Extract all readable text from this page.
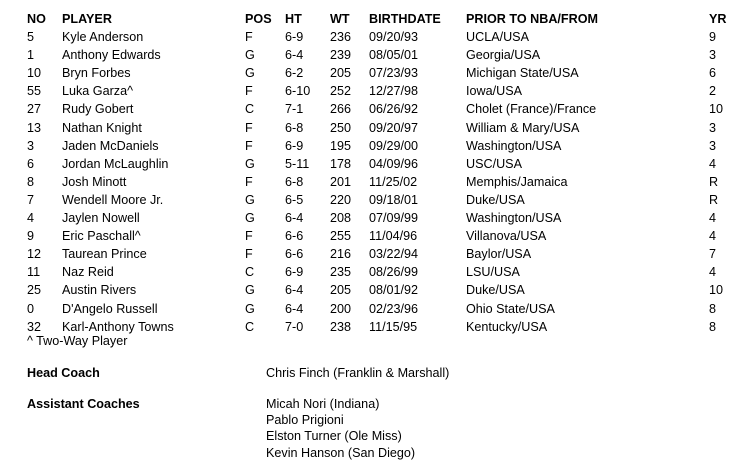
NO PLAYER	POS HT WT BIRTHDATE PRIOR TO NBA/FROM	YR
5 Kyle Anderson	F	6-9 236 09/20/93	UCLA/USA	9
1 Anthony Edwards	G 6-4 239 08/05/01	Georgia/USA	3
10 Bryn Forbes	G 6-2 205 07/23/93	Michigan State/USA	6
55 Luka Garza^	F	6-10 252 12/27/98	Iowa/USA	2
27 Rudy Gobert	C 7-1 266 06/26/92	Cholet (France)/France	10
13 Nathan Knight	F	6-8 250 09/20/97	William & Mary/USA	3
3 Jaden McDaniels	F	6-9 195 09/29/00	Washington/USA	3
6 Jordan McLaughlin	G 5-11 178 04/09/96	USC/USA	4
8 Josh Minott	F	6-8 201 11/25/02	Memphis/Jamaica	R
7 Wendell Moore Jr.	G 6-5 220 09/18/01	Duke/USA	R
4 Jaylen Nowell	G 6-4 208 07/09/99	Washington/USA	4
9 Eric Paschall^	F	6-6 255 11/04/96	Villanova/USA	4
12 Taurean Prince	F	6-6 216 03/22/94	Baylor/USA	7
11 Naz Reid	C 6-9 235 08/26/99	LSU/USA	4
25 Austin Rivers	G 6-4 205 08/01/92	Duke/USA	10
0 D'Angelo Russell	G 6-4 200 02/23/96	Ohio State/USA	8
32 Karl-Anthony Towns	C 7-0 238 11/15/95	Kentucky/USA	8
^ Two-Way Player
Head Coach	Chris Finch (Franklin & Marshall)
Assistant Coaches	Micah Nori (Indiana)
Pablo Prigioni
Elston Turner (Ole Miss)
Kevin Hanson (San Diego)
